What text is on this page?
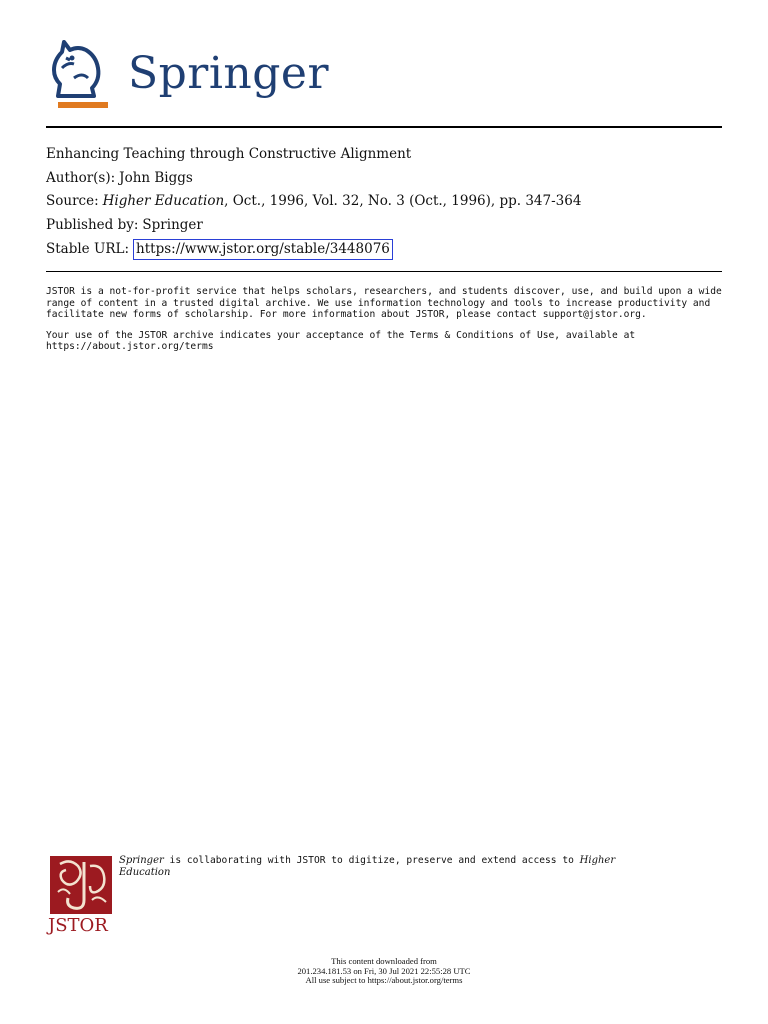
Springer
Enhancing Teaching through Constructive Alignment
Author(s): John Biggs
Source: Higher Education, Oct., 1996, Vol. 32, No. 3 (Oct., 1996), pp. 347-364
Published by: Springer
Stable URL: https://www.jstor.org/stable/3448076

JSTOR is a not-for-profit service that helps scholars, researchers, and students discover, use, and build upon a wide range of content in a trusted digital archive. We use information technology and tools to increase productivity and facilitate new forms of scholarship. For more information about JSTOR, please contact support@jstor.org.

Your use of the JSTOR archive indicates your acceptance of the Terms & Conditions of Use, available at https://about.jstor.org/terms

JSTOR

Springer is collaborating with JSTOR to digitize, preserve and extend access to Higher Education
This content downloaded from
201.234.181.53 on Fri, 30 Jul 2021 22:55:28 UTC
All use subject to https://about.jstor.org/terms
